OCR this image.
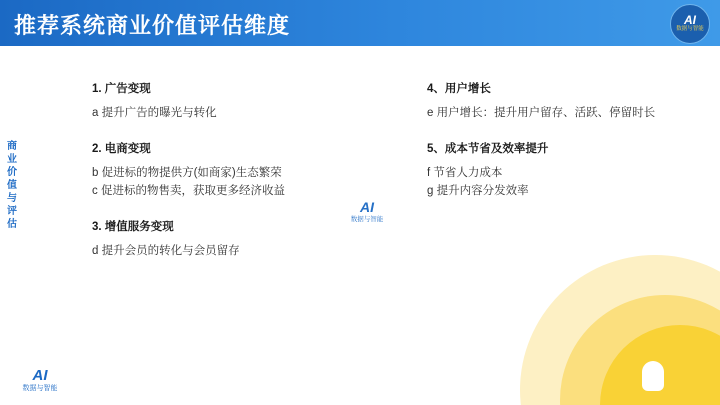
推荐系统商业价值评估维度	AI
数据与智能
商业价值与评估
1. 广告变现
a 提升广告的曝光与转化
2. 电商变现
b 促进标的物提供方(如商家)生态繁荣
c 促进标的物售卖，获取更多经济收益
3. 增值服务变现
d 提升会员的转化与会员留存
4、用户增长
e 用户增长：提升用户留存、活跃、停留时长
5、成本节省及效率提升
f 节省人力成本
g 提升内容分发效率
AI
数据与智能
AI
数据与智能
